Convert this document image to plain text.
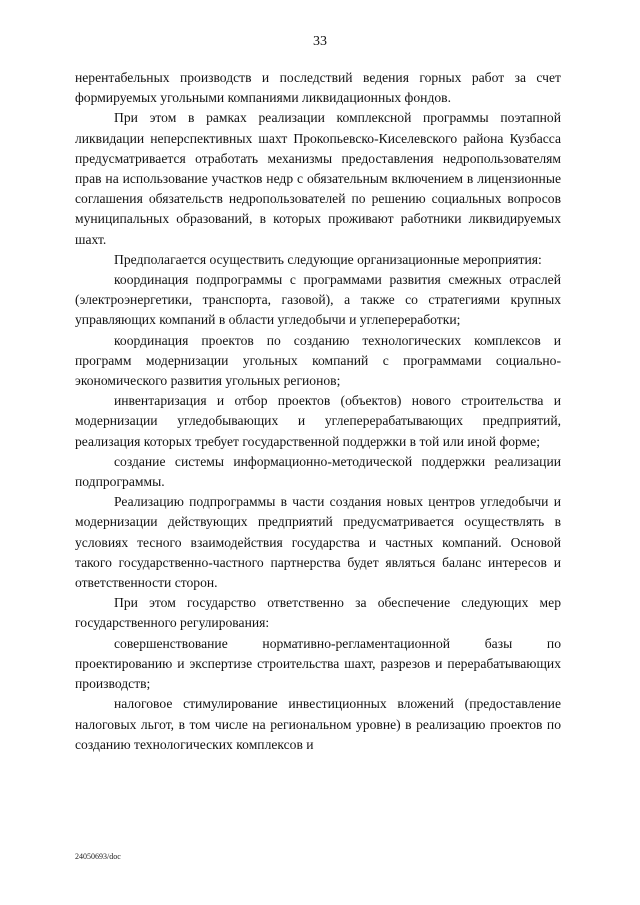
33

нерентабельных производств и последствий ведения горных работ за счет формируемых угольными компаниями ликвидационных фондов.

При этом в рамках реализации комплексной программы поэтапной ликвидации неперспективных шахт Прокопьевско-Киселевского района Кузбасса предусматривается отработать механизмы предоставления недропользователям прав на использование участков недр с обязательным включением в лицензионные соглашения обязательств недропользователей по решению социальных вопросов муниципальных образований, в которых проживают работники ликвидируемых шахт.

Предполагается осуществить следующие организационные мероприятия:

координация подпрограммы с программами развития смежных отраслей (электроэнергетики, транспорта, газовой), а также со стратегиями крупных управляющих компаний в области угледобычи и углепереработки;

координация проектов по созданию технологических комплексов и программ модернизации угольных компаний с программами социально-экономического развития угольных регионов;

инвентаризация и отбор проектов (объектов) нового строительства и модернизации угледобывающих и углеперерабатывающих предприятий, реализация которых требует государственной поддержки в той или иной форме;

создание системы информационно-методической поддержки реализации подпрограммы.

Реализацию подпрограммы в части создания новых центров угледобычи и модернизации действующих предприятий предусматривается осуществлять в условиях тесного взаимодействия государства и частных компаний. Основой такого государственно-частного партнерства будет являться баланс интересов и ответственности сторон.

При этом государство ответственно за обеспечение следующих мер государственного регулирования:

совершенствование нормативно-регламентационной базы по проектированию и экспертизе строительства шахт, разрезов и перерабатывающих производств;

налоговое стимулирование инвестиционных вложений (предоставление налоговых льгот, в том числе на региональном уровне) в реализацию проектов по созданию технологических комплексов и

24050693/doc
